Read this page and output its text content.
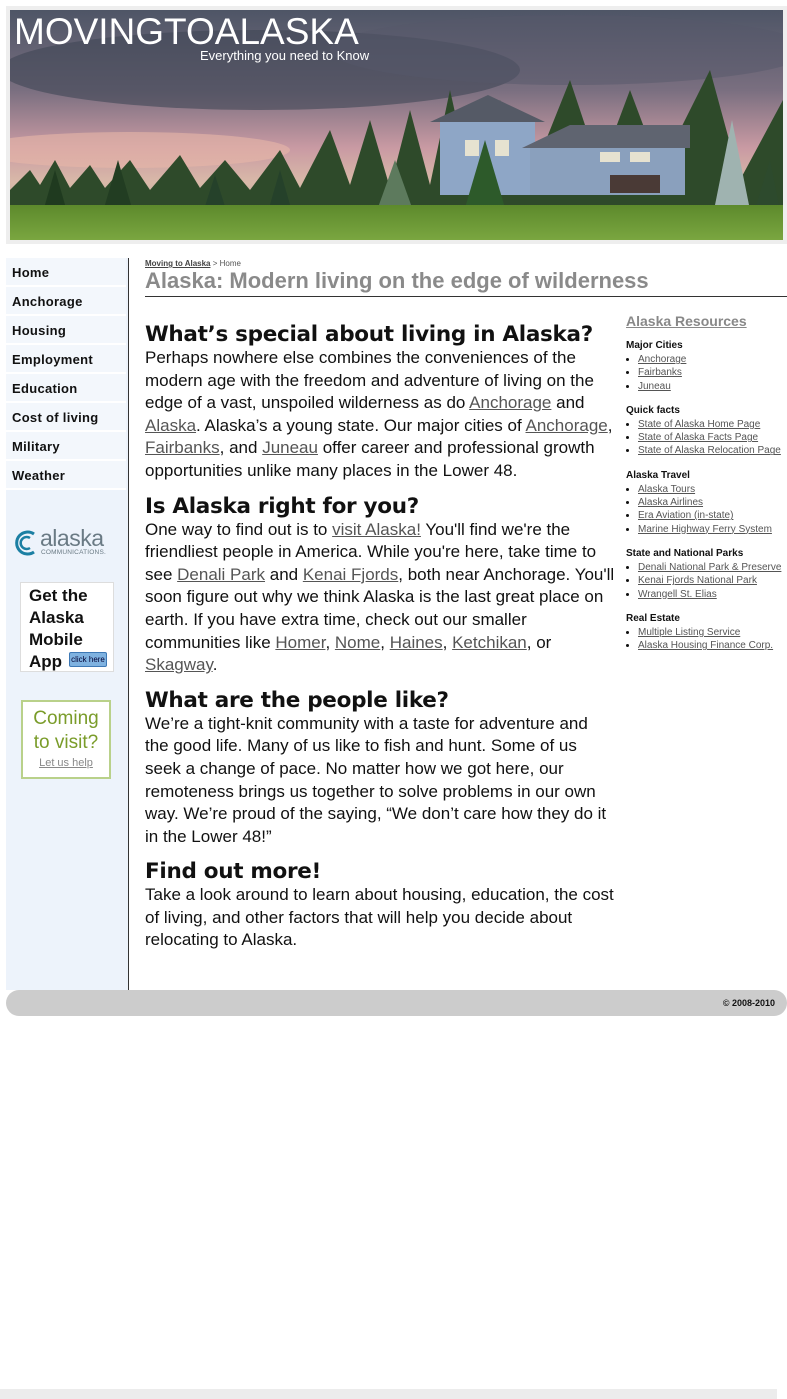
MOVINGTOALASKA
Everything you need to Know
Home
Anchorage
Housing
Employment
Education
Cost of living
Military
Weather
alaska
COMMUNICATIONS.
Get the
Alaska
Mobile
App	click here
Coming
to visit?
Let us help
Moving to Alaska > Home
Alaska: Modern living on the edge of wilderness
What’s special about living in Alaska?

Perhaps nowhere else combines the conveniences of the modern age with the freedom and adventure of living on the edge of a vast, unspoiled wilderness as do Anchorage and Alaska. Alaska’s a young state. Our major cities of Anchorage, Fairbanks, and Juneau offer career and professional growth opportunities unlike many places in the Lower 48.

Is Alaska right for you?

One way to find out is to visit Alaska! You'll find we're the friendliest people in America. While you're here, take time to see Denali Park and Kenai Fjords, both near Anchorage. You'll soon figure out why we think Alaska is the last great place on earth. If you have extra time, check out our smaller communities like Homer, Nome, Haines, Ketchikan, or Skagway.

What are the people like?

We’re a tight-knit community with a taste for adventure and the good life. Many of us like to fish and hunt. Some of us seek a change of pace. No matter how we got here, our remoteness brings us together to solve problems in our own way. We’re proud of the saying, “We don’t care how they do it in the Lower 48!”

Find out more!

Take a look around to learn about housing, education, the cost of living, and other factors that will help you decide about relocating to Alaska.

Alaska Resources
Major Cities
• Anchorage
• Fairbanks
• Juneau
Quick facts
• State of Alaska Home Page
• State of Alaska Facts Page
• State of Alaska Relocation Page
Alaska Travel
• Alaska Tours
• Alaska Airlines
• Era Aviation (in-state)
• Marine Highway Ferry System
State and National Parks
• Denali National Park & Preserve
• Kenai Fjords National Park
• Wrangell St. Elias
Real Estate
• Multiple Listing Service
• Alaska Housing Finance Corp.
© 2008-2010
